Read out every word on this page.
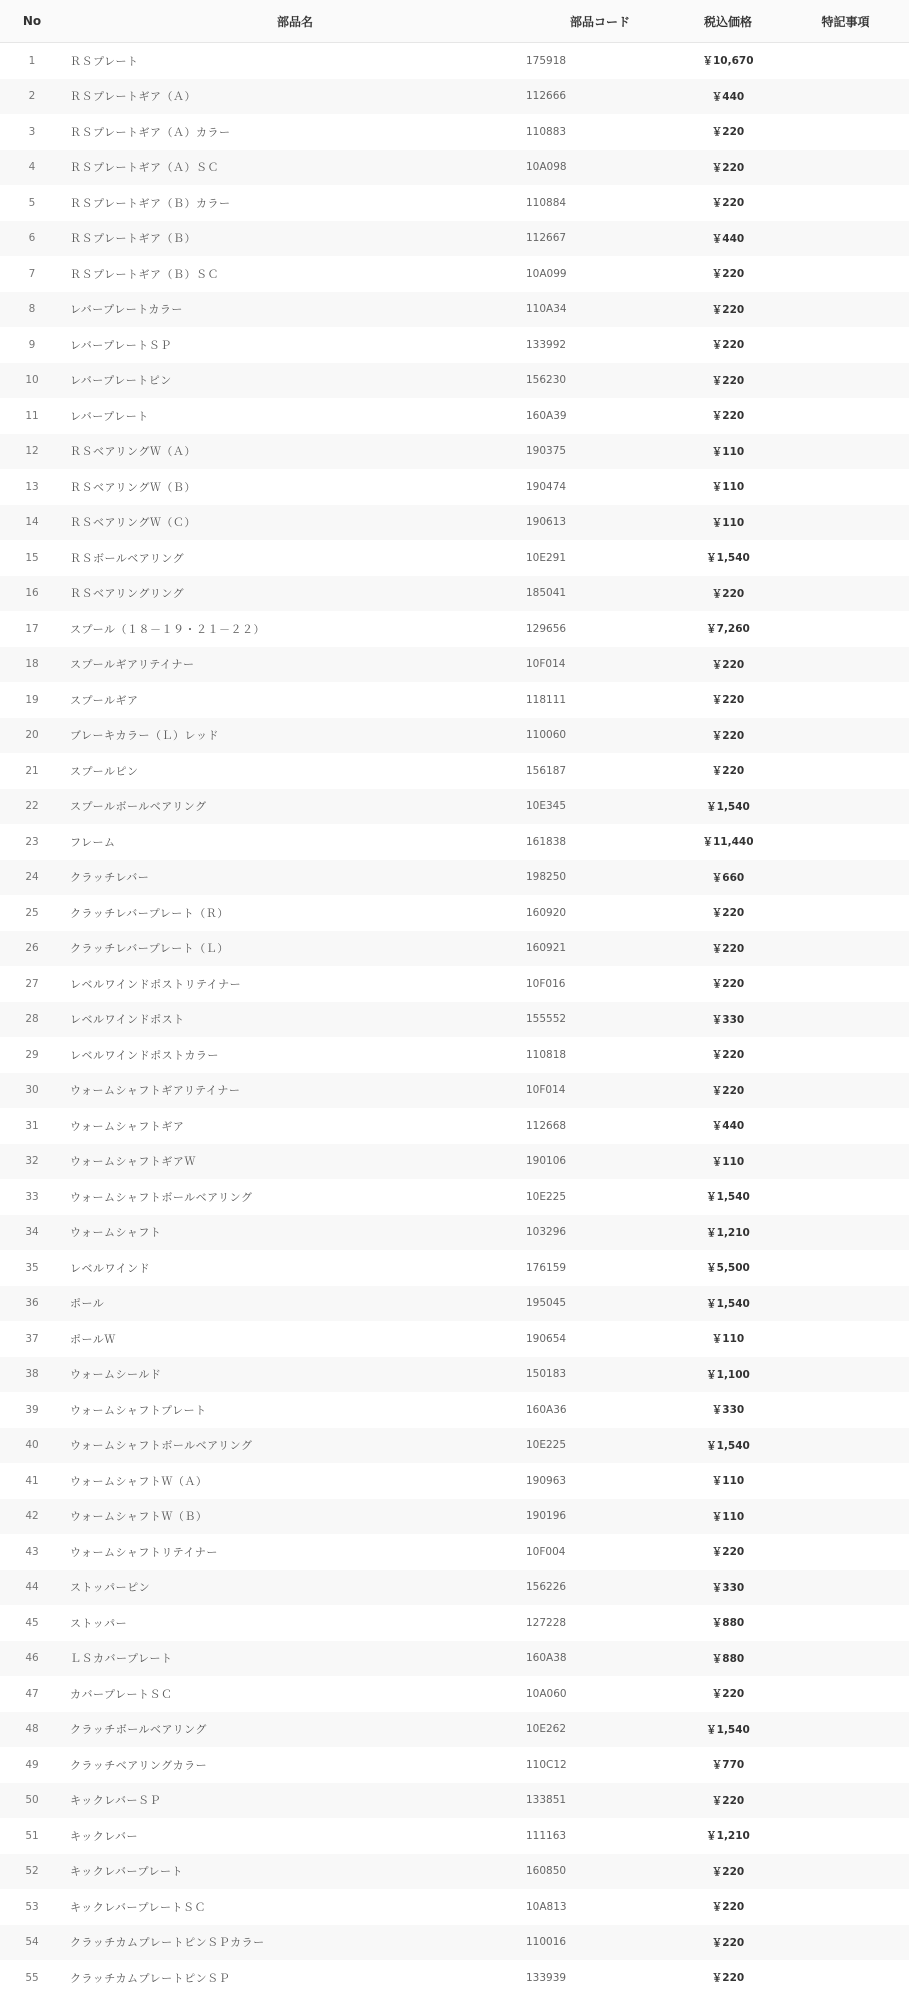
No	部品名	部品コード	税込価格	特記事項
1	ＲＳプレート	175918	￥10,670	
2	ＲＳプレートギア（Ａ）	112666	￥440	
3	ＲＳプレートギア（Ａ）カラー	110883	￥220	
4	ＲＳプレートギア（Ａ）ＳＣ	10A098	￥220	
5	ＲＳプレートギア（Ｂ）カラー	110884	￥220	
6	ＲＳプレートギア（Ｂ）	112667	￥440	
7	ＲＳプレートギア（Ｂ）ＳＣ	10A099	￥220	
8	レバープレートカラー	110A34	￥220	
9	レバープレートＳＰ	133992	￥220	
10	レバープレートピン	156230	￥220	
11	レバープレート	160A39	￥220	
12	ＲＳベアリングＷ（Ａ）	190375	￥110	
13	ＲＳベアリングＷ（Ｂ）	190474	￥110	
14	ＲＳベアリングＷ（Ｃ）	190613	￥110	
15	ＲＳボールベアリング	10E291	￥1,540	
16	ＲＳベアリングリング	185041	￥220	
17	スプール（１８－１９・２１－２２）	129656	￥7,260	
18	スプールギアリテイナー	10F014	￥220	
19	スプールギア	118111	￥220	
20	ブレーキカラー（Ｌ）レッド	110060	￥220	
21	スプールピン	156187	￥220	
22	スプールボールベアリング	10E345	￥1,540	
23	フレーム	161838	￥11,440	
24	クラッチレバー	198250	￥660	
25	クラッチレバープレート（Ｒ）	160920	￥220	
26	クラッチレバープレート（Ｌ）	160921	￥220	
27	レベルワインドポストリテイナー	10F016	￥220	
28	レベルワインドポスト	155552	￥330	
29	レベルワインドポストカラー	110818	￥220	
30	ウォームシャフトギアリテイナー	10F014	￥220	
31	ウォームシャフトギア	112668	￥440	
32	ウォームシャフトギアＷ	190106	￥110	
33	ウォームシャフトボールベアリング	10E225	￥1,540	
34	ウォームシャフト	103296	￥1,210	
35	レベルワインド	176159	￥5,500	
36	ポール	195045	￥1,540	
37	ポールＷ	190654	￥110	
38	ウォームシールド	150183	￥1,100	
39	ウォームシャフトプレート	160A36	￥330	
40	ウォームシャフトボールベアリング	10E225	￥1,540	
41	ウォームシャフトＷ（Ａ）	190963	￥110	
42	ウォームシャフトＷ（Ｂ）	190196	￥110	
43	ウォームシャフトリテイナー	10F004	￥220	
44	ストッパーピン	156226	￥330	
45	ストッパー	127228	￥880	
46	ＬＳカバープレート	160A38	￥880	
47	カバープレートＳＣ	10A060	￥220	
48	クラッチボールベアリング	10E262	￥1,540	
49	クラッチベアリングカラー	110C12	￥770	
50	キックレバーＳＰ	133851	￥220	
51	キックレバー	111163	￥1,210	
52	キックレバープレート	160850	￥220	
53	キックレバープレートＳＣ	10A813	￥220	
54	クラッチカムプレートピンＳＰカラー	110016	￥220	
55	クラッチカムプレートピンＳＰ	133939	￥220	
